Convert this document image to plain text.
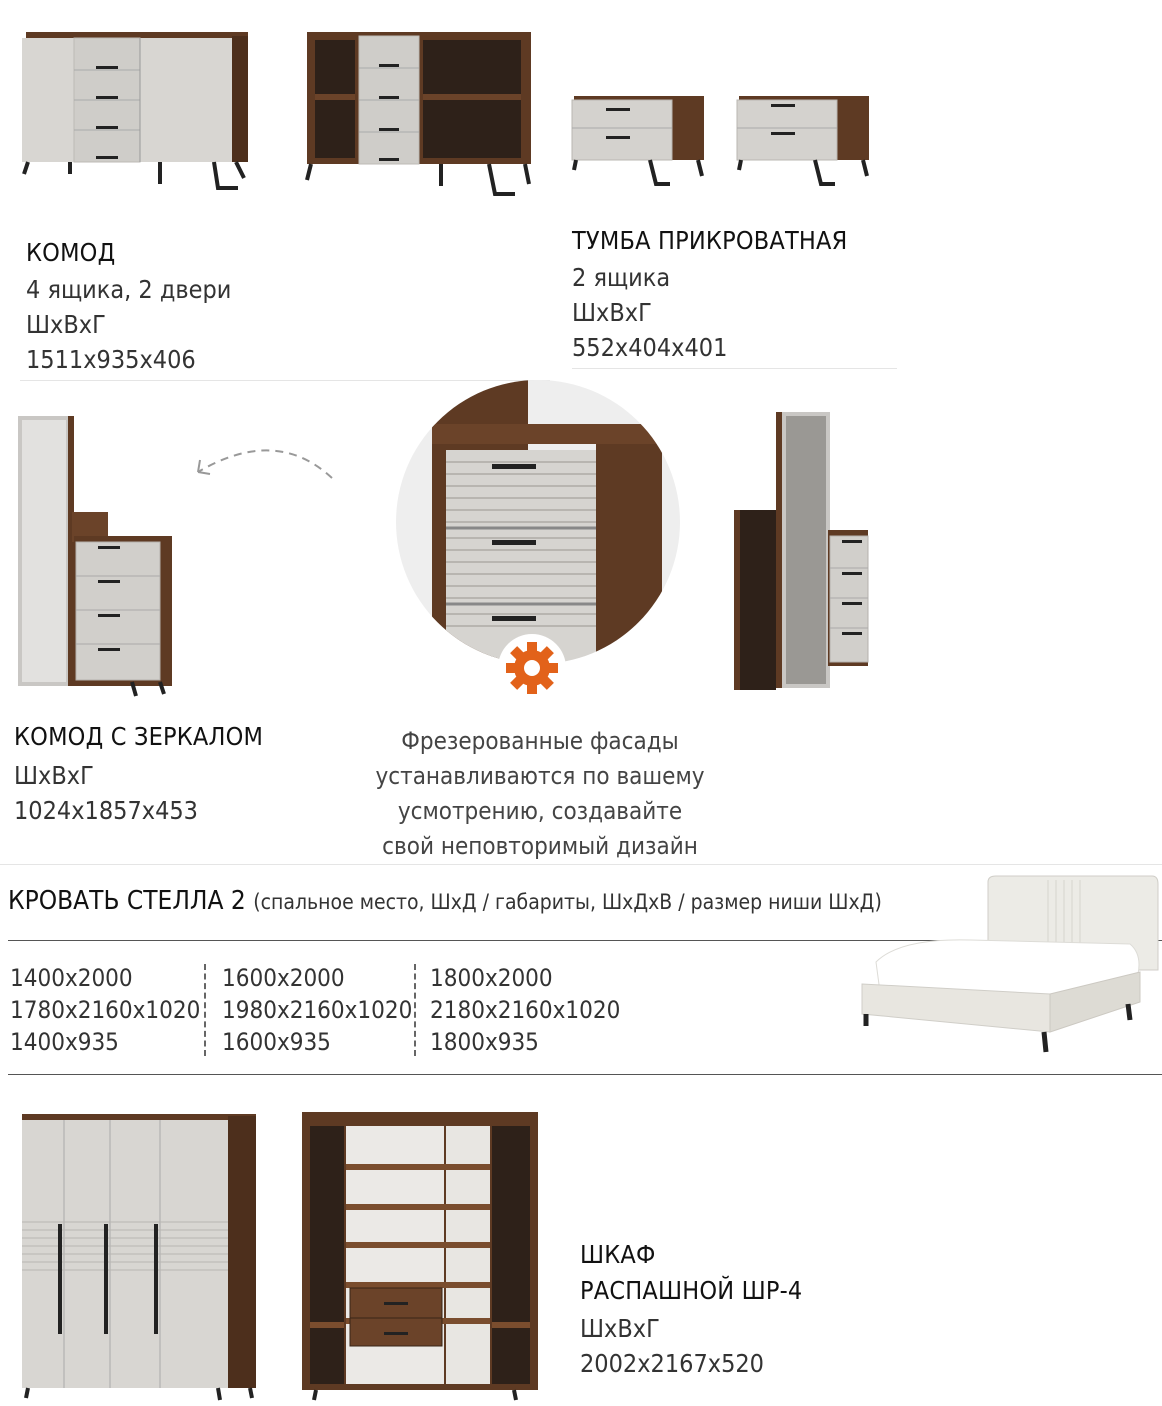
КОМОД
4 ящика, 2 двери
ШхВхГ
1511x935x406
ТУМБА ПРИКРОВАТНАЯ
2 ящика
ШхВхГ
552x404x401
КОМОД С ЗЕРКАЛОМ
ШхВхГ
1024x1857x453
Фрезерованные фасады
устанавливаются по вашему
усмотрению, создавайте
свой неповторимый дизайн
КРОВАТЬ СТЕЛЛА 2 (спальное место, ШхД / габариты, ШхДхВ / размер ниши ШхД)
1400x2000
1780x2160x1020
1400x935
1600x2000
1980x2160x1020
1600x935
1800x2000
2180x2160x1020
1800x935
ШКАФ
РАСПАШНОЙ ШР-4
ШхВхГ
2002x2167x520
